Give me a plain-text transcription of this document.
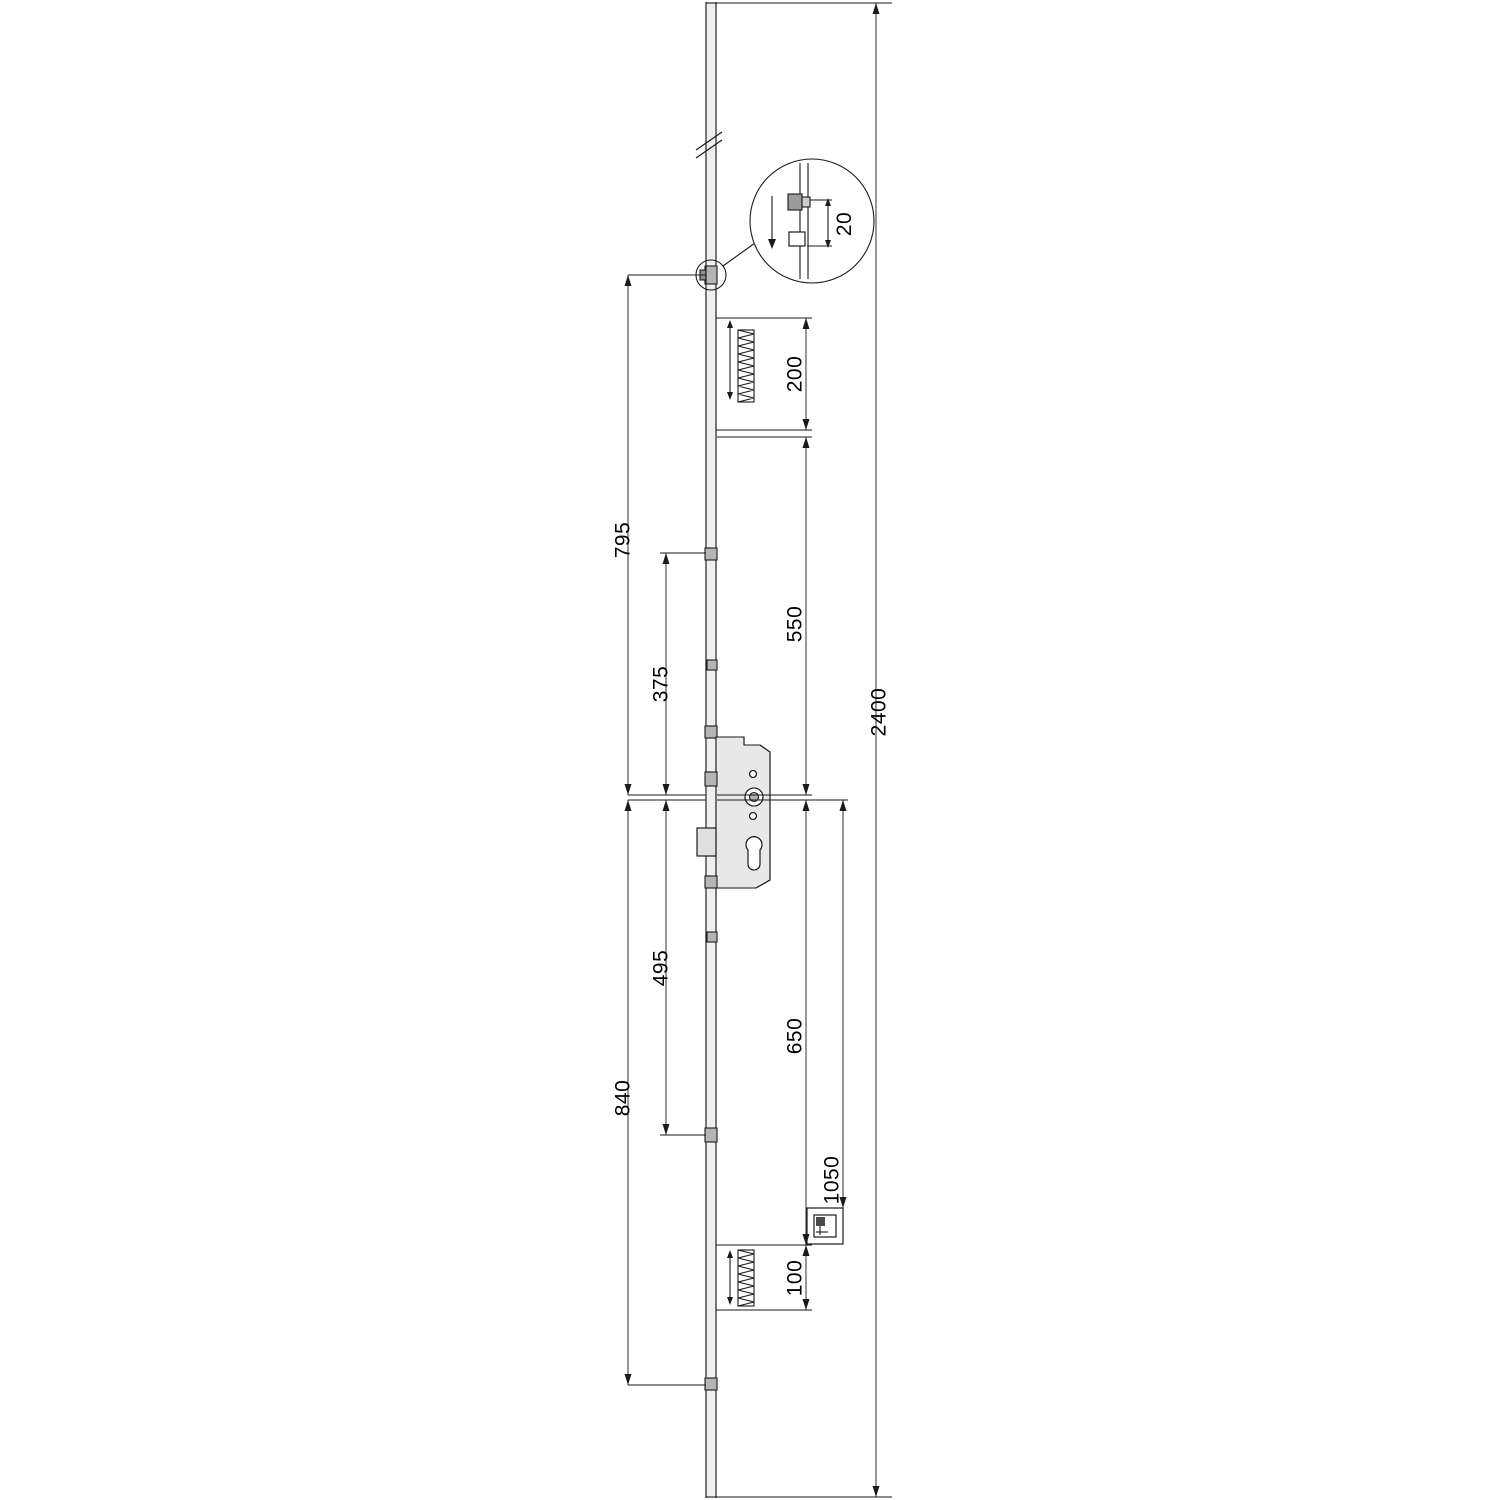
2400
20
795
200
550
375
495
650
840
1050
100
